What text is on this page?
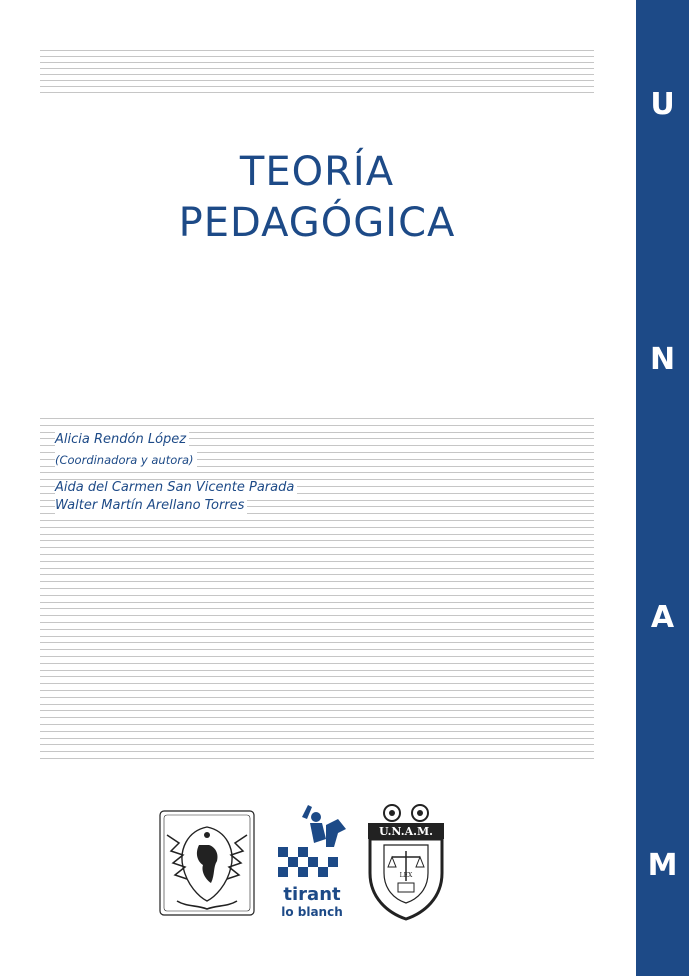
U
N
A
M
TEORÍA
PEDAGÓGICA
Alicia Rendón López
(Coordinadora y autora)
Aida del Carmen San Vicente Parada
Walter Martín Arellano Torres
tirant
lo blanch
U.N.A.M.
LEX
